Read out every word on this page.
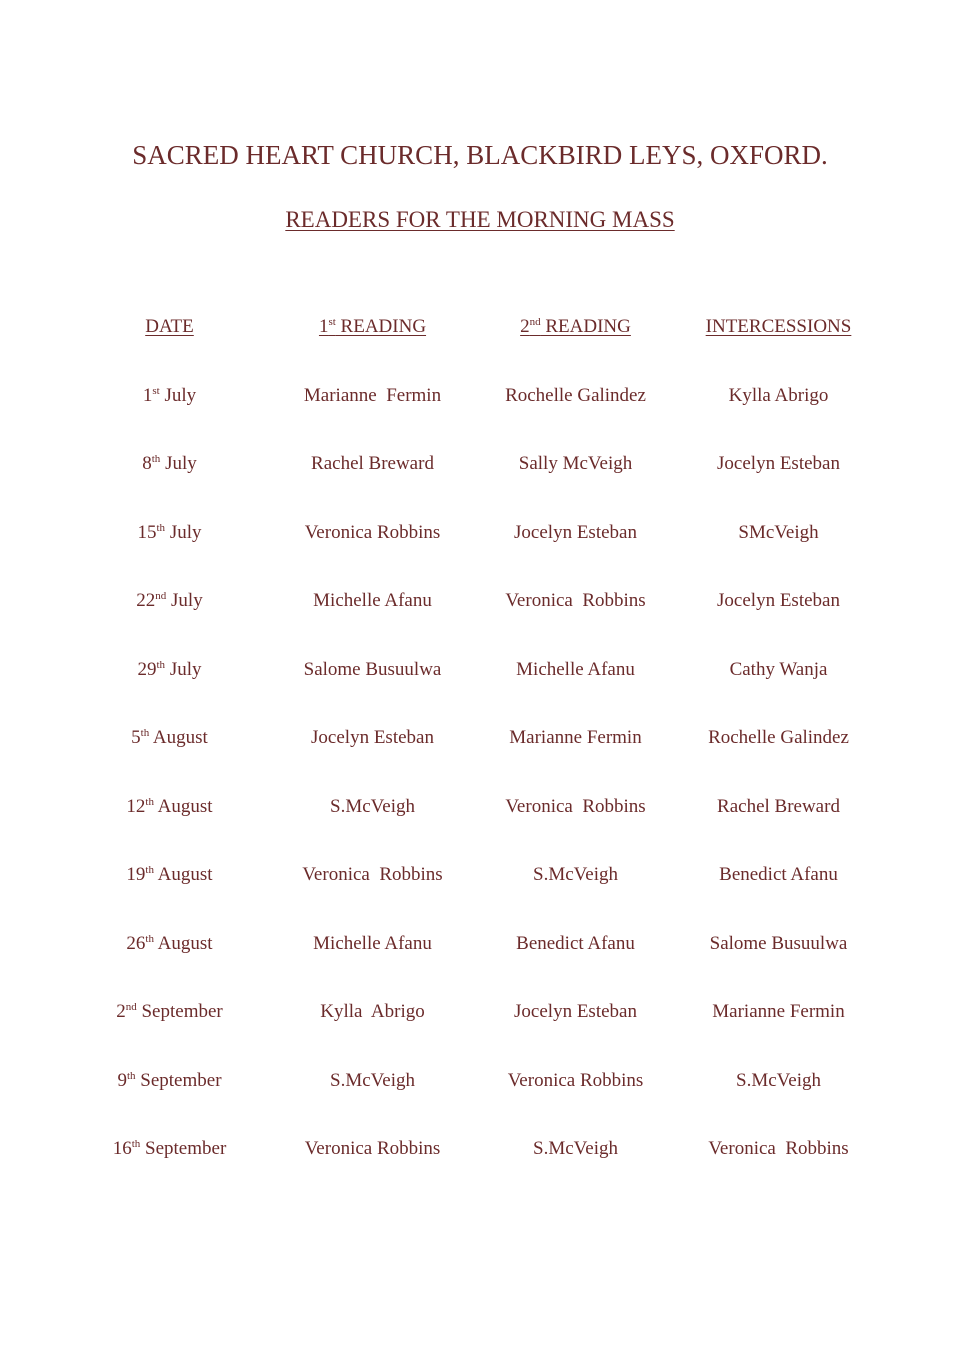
SACRED HEART CHURCH, BLACKBIRD LEYS, OXFORD.
READERS FOR THE MORNING MASS
DATE	1st READING	2nd READING	INTERCESSIONS
1st July	Marianne  Fermin	Rochelle Galindez	Kylla Abrigo
8th July	Rachel Breward	Sally McVeigh	Jocelyn Esteban
15th July	Veronica Robbins	Jocelyn Esteban	SMcVeigh
22nd July	Michelle Afanu	Veronica  Robbins	Jocelyn Esteban
29th July	Salome Busuulwa	Michelle Afanu	Cathy Wanja
5th August	Jocelyn Esteban	Marianne Fermin	Rochelle Galindez
12th August	S.McVeigh	Veronica  Robbins	Rachel Breward
19th August	Veronica  Robbins	S.McVeigh	Benedict Afanu
26th August	Michelle Afanu	Benedict Afanu	Salome Busuulwa
2nd September	Kylla  Abrigo	Jocelyn Esteban	Marianne Fermin
9th September	S.McVeigh	Veronica Robbins	S.McVeigh
16th September	Veronica Robbins	S.McVeigh	Veronica  Robbins
